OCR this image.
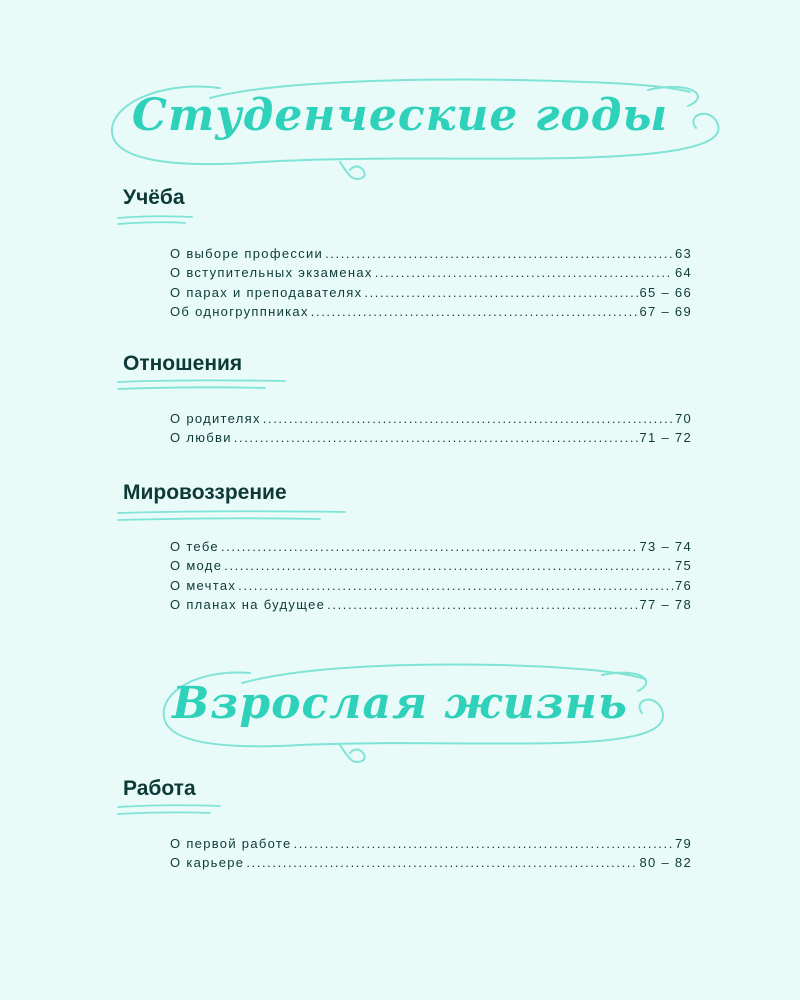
Студенческие годы
Учёба
О выборе профессии .....	63
О вступительных экзаменах .....	64
О парах и преподавателях .....	65 – 66
Об одногруппниках .....	67 – 69
Отношения
О родителях .....	70
О любви .....	71 – 72
Мировоззрение
О тебе .....	73 – 74
О моде .....	75
О мечтах .....	76
О планах на будущее .....	77 – 78
Взрослая жизнь
Работа
О первой работе .....	79
О карьере .....	80 – 82
